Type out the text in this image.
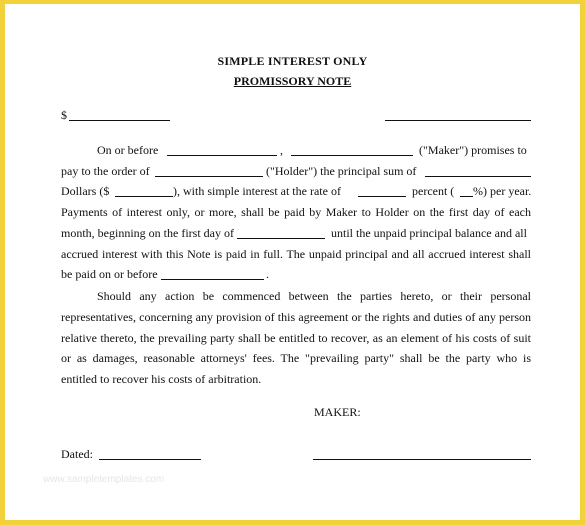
SIMPLE INTEREST ONLY
PROMISSORY NOTE
$
On or before	,	("Maker") promises to
pay to the order of	("Holder") the principal sum of
Dollars ($	), with simple interest at the rate of	percent ( %) per year.
Payments of interest only, or more, shall be paid by Maker to Holder on the first day of each
month, beginning on the first day of	until the unpaid principal balance and all
accrued interest with this Note is paid in full. The unpaid principal and all accrued interest shall
be paid on or before	.
Should any action be commenced between the parties hereto, or their personal
representatives, concerning any provision of this agreement or the rights and duties of any person
relative thereto, the prevailing party shall be entitled to recover, as an element of his costs of suit
or as damages, reasonable attorneys' fees. The "prevailing party" shall be the party who is
entitled to recover his costs of arbitration.
MAKER:
Dated:
www.sampletemplates.com
